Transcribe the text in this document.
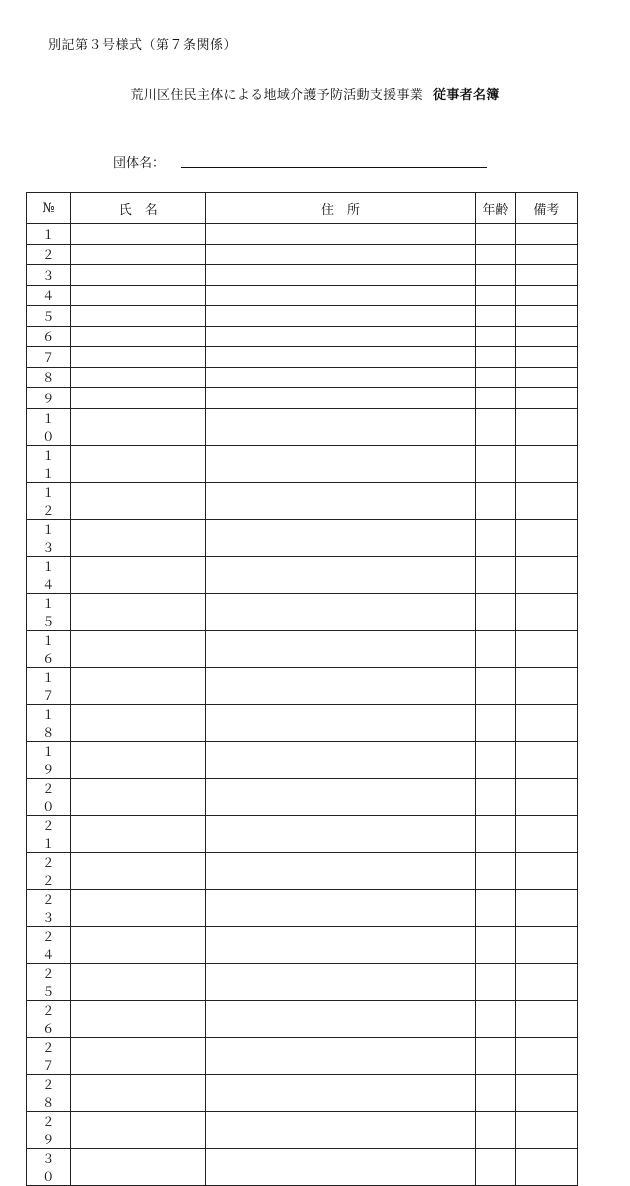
別記第３号様式（第７条関係）
荒川区住民主体による地域介護予防活動支援事業 従事者名簿
団体名：
№	氏　名	住　所	年齢	備考
１				
２				
３				
４				
５				
６				
７				
８				
９				
１０				
１１				
１２				
１３				
１４				
１５				
１６				
１７				
１８				
１９				
２０				
２１				
２２				
２３				
２４				
２５				
２６				
２７				
２８				
２９				
３０				
